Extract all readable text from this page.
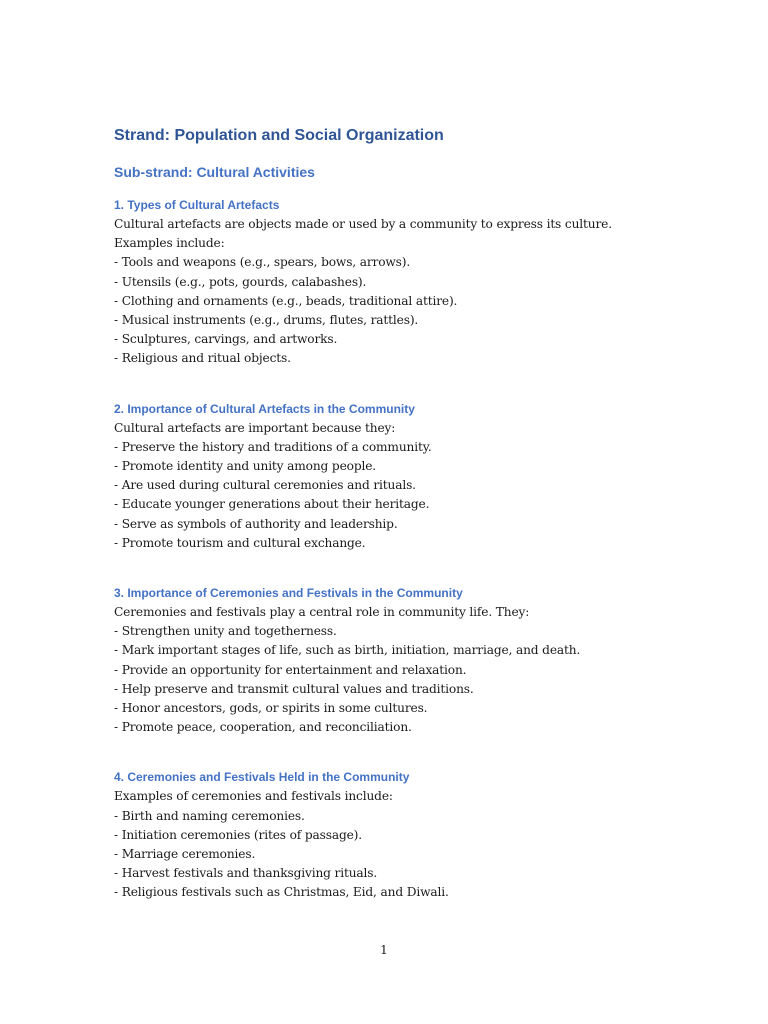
Strand: Population and Social Organization
Sub-strand: Cultural Activities
1. Types of Cultural Artefacts

Cultural artefacts are objects made or used by a community to express its culture. Examples include:

- Tools and weapons (e.g., spears, bows, arrows).
- Utensils (e.g., pots, gourds, calabashes).
- Clothing and ornaments (e.g., beads, traditional attire).
- Musical instruments (e.g., drums, flutes, rattles).
- Sculptures, carvings, and artworks.
- Religious and ritual objects.
2. Importance of Cultural Artefacts in the Community

Cultural artefacts are important because they:

- Preserve the history and traditions of a community.
- Promote identity and unity among people.
- Are used during cultural ceremonies and rituals.
- Educate younger generations about their heritage.
- Serve as symbols of authority and leadership.
- Promote tourism and cultural exchange.
3. Importance of Ceremonies and Festivals in the Community

Ceremonies and festivals play a central role in community life. They:

- Strengthen unity and togetherness.
- Mark important stages of life, such as birth, initiation, marriage, and death.
- Provide an opportunity for entertainment and relaxation.
- Help preserve and transmit cultural values and traditions.
- Honor ancestors, gods, or spirits in some cultures.
- Promote peace, cooperation, and reconciliation.
4. Ceremonies and Festivals Held in the Community

Examples of ceremonies and festivals include:

- Birth and naming ceremonies.
- Initiation ceremonies (rites of passage).
- Marriage ceremonies.
- Harvest festivals and thanksgiving rituals.
- Religious festivals such as Christmas, Eid, and Diwali.
1
